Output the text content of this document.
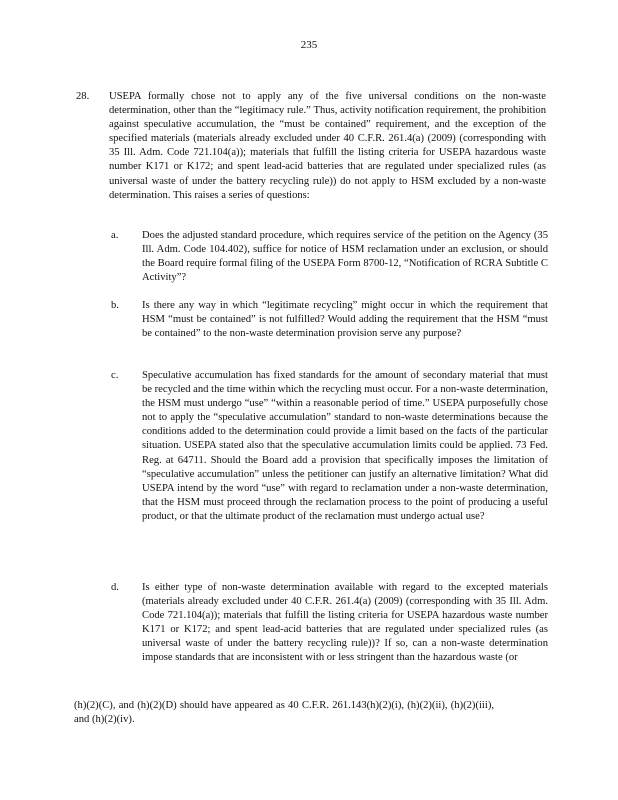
235
28. USEPA formally chose not to apply any of the five universal conditions on the non-waste determination, other than the “legitimacy rule.” Thus, activity notification requirement, the prohibition against speculative accumulation, the “must be contained” requirement, and the exception of the specified materials (materials already excluded under 40 C.F.R. 261.4(a) (2009) (corresponding with 35 Ill. Adm. Code 721.104(a)); materials that fulfill the listing criteria for USEPA hazardous waste number K171 or K172; and spent lead-acid batteries that are regulated under specialized rules (as universal waste of under the battery recycling rule)) do not apply to HSM excluded by a non-waste determination. This raises a series of questions:
a. Does the adjusted standard procedure, which requires service of the petition on the Agency (35 Ill. Adm. Code 104.402), suffice for notice of HSM reclamation under an exclusion, or should the Board require formal filing of the USEPA Form 8700-12, “Notification of RCRA Subtitle C Activity”?
b. Is there any way in which “legitimate recycling” might occur in which the requirement that HSM “must be contained” is not fulfilled? Would adding the requirement that the HSM “must be contained” to the non-waste determination provision serve any purpose?
c. Speculative accumulation has fixed standards for the amount of secondary material that must be recycled and the time within which the recycling must occur. For a non-waste determination, the HSM must undergo “use” “within a reasonable period of time.” USEPA purposefully chose not to apply the “speculative accumulation” standard to non-waste determinations because the conditions added to the determination could provide a limit based on the facts of the particular situation. USEPA stated also that the speculative accumulation limits could be applied. 73 Fed. Reg. at 64711. Should the Board add a provision that specifically imposes the limitation of “speculative accumulation” unless the petitioner can justify an alternative limitation? What did USEPA intend by the word “use” with regard to reclamation under a non-waste determination, that the HSM must proceed through the reclamation process to the point of producing a useful product, or that the ultimate product of the reclamation must undergo actual use?
d. Is either type of non-waste determination available with regard to the excepted materials (materials already excluded under 40 C.F.R. 261.4(a) (2009) (corresponding with 35 Ill. Adm. Code 721.104(a)); materials that fulfill the listing criteria for USEPA hazardous waste number K171 or K172; and spent lead-acid batteries that are regulated under specialized rules (as universal waste of under the battery recycling rule))? If so, can a non-waste determination impose standards that are inconsistent with or less stringent than the hazardous waste (or
(h)(2)(C), and (h)(2)(D) should have appeared as 40 C.F.R. 261.143(h)(2)(i), (h)(2)(ii), (h)(2)(iii), and (h)(2)(iv).
